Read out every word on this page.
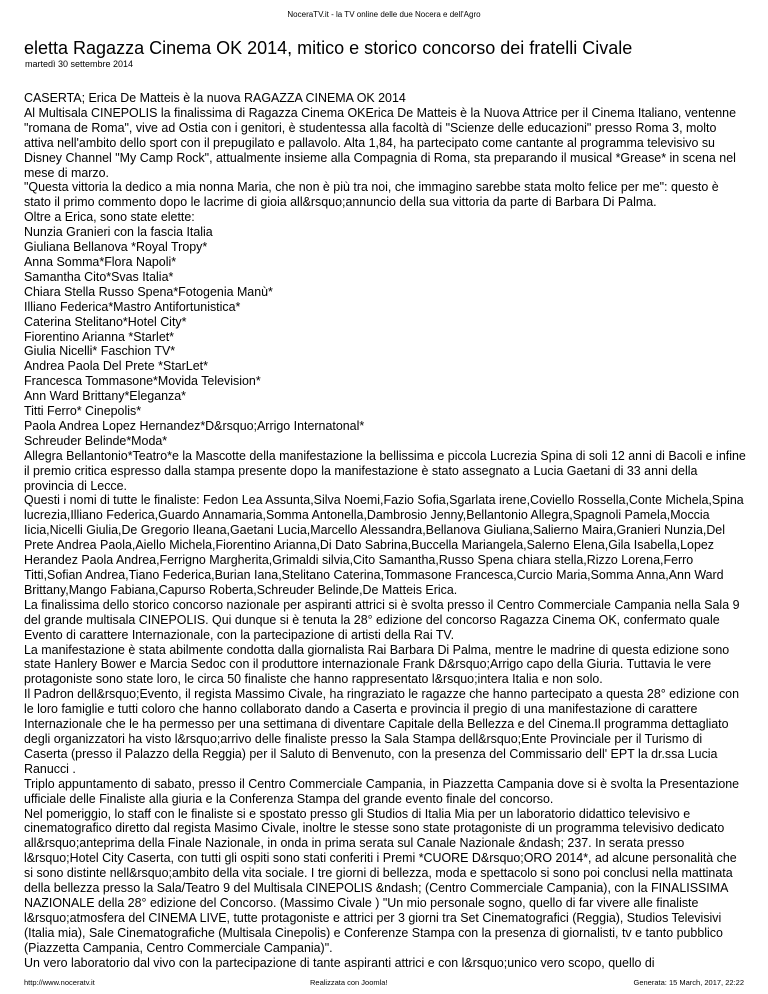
NoceraTV.it - la TV online delle due Nocera e dell'Agro
eletta Ragazza Cinema OK 2014, mitico e storico concorso dei fratelli Civale
martedì 30 settembre 2014

CASERTA; Erica De Matteis è la nuova RAGAZZA CINEMA OK 2014

Al Multisala CINEPOLIS la finalissima di Ragazza Cinema OKErica De Matteis è la Nuova Attrice per il Cinema Italiano, ventenne "romana de Roma", vive ad Ostia con i genitori, è studentessa alla facoltà di "Scienze delle educazioni" presso Roma 3, molto attiva nell'ambito dello sport con il prepugilato e pallavolo. Alta 1,84, ha partecipato come cantante al programma televisivo su Disney Channel "My Camp Rock", attualmente insieme alla Compagnia di Roma, sta preparando il musical *Grease* in scena nel mese di marzo.

"Questa vittoria la dedico a mia nonna Maria, che non è più tra noi, che immagino sarebbe stata molto felice per me": questo è stato il primo commento dopo le lacrime di gioia all&rsquo;annuncio della sua vittoria da parte di Barbara Di Palma.

Oltre a Erica, sono state elette:

Nunzia Granieri con la fascia Italia

Giuliana Bellanova *Royal Tropy*

Anna Somma*Flora Napoli*

Samantha Cito*Svas Italia*

Chiara Stella Russo Spena*Fotogenia Manù*

Illiano Federica*Mastro Antifortunistica*

Caterina Stelitano*Hotel City*

Fiorentino Arianna *Starlet*

Giulia Nicelli* Faschion TV*

Andrea Paola Del Prete *StarLet*

Francesca Tommasone*Movida Television*

Ann Ward Brittany*Eleganza*

Titti Ferro* Cinepolis*

Paola Andrea Lopez Hernandez*D&rsquo;Arrigo Internatonal*

Schreuder Belinde*Moda*

Allegra Bellantonio*Teatro*e la Mascotte della manifestazione la bellissima e piccola Lucrezia Spina di soli 12 anni di Bacoli e infine il premio critica espresso dalla stampa presente dopo la manifestazione è stato assegnato a Lucia Gaetani di 33 anni della provincia di Lecce.

Questi i nomi di tutte le finaliste: Fedon Lea Assunta,Silva Noemi,Fazio Sofia,Sgarlata irene,Coviello Rossella,Conte Michela,Spina lucrezia,Illiano Federica,Guardo Annamaria,Somma Antonella,Dambrosio Jenny,Bellantonio Allegra,Spagnoli Pamela,Moccia Iicia,Nicelli Giulia,De Gregorio Ileana,Gaetani Lucia,Marcello Alessandra,Bellanova Giuliana,Salierno Maira,Granieri Nunzia,Del Prete Andrea Paola,Aiello Michela,Fiorentino Arianna,Di Dato Sabrina,Buccella Mariangela,Salerno Elena,Gila Isabella,Lopez Herandez Paola Andrea,Ferrigno Margherita,Grimaldi silvia,Cito Samantha,Russo Spena chiara stella,Rizzo Lorena,Ferro Titti,Sofian Andrea,Tiano Federica,Burian Iana,Stelitano Caterina,Tommasone Francesca,Curcio Maria,Somma Anna,Ann Ward Brittany,Mango Fabiana,Capurso Roberta,Schreuder Belinde,De Matteis Erica.

La finalissima dello storico concorso nazionale per aspiranti attrici si è svolta presso il Centro Commerciale Campania nella Sala 9 del grande multisala CINEPOLIS. Qui dunque si è tenuta la 28° edizione del concorso Ragazza Cinema OK, confermato quale Evento di carattere Internazionale, con la partecipazione di artisti della Rai TV.

La manifestazione è stata abilmente condotta dalla giornalista Rai Barbara Di Palma, mentre le madrine di questa edizione sono state Hanlery Bower e Marcia Sedoc con il produttore internazionale Frank D&rsquo;Arrigo capo della Giuria. Tuttavia le vere protagoniste sono state loro, le circa 50 finaliste che hanno rappresentato l&rsquo;intera Italia e non solo.

Il Padron dell&rsquo;Evento, il regista Massimo Civale, ha ringraziato le ragazze che hanno partecipato a questa 28° edizione con le loro famiglie e tutti coloro che hanno collaborato dando a Caserta e provincia il pregio di una manifestazione di carattere Internazionale che le ha permesso per una settimana di diventare Capitale della Bellezza e del Cinema.Il programma dettagliato degli organizzatori ha visto l&rsquo;arrivo delle finaliste presso la Sala Stampa dell&rsquo;Ente Provinciale per il Turismo di Caserta (presso il Palazzo della Reggia) per il Saluto di Benvenuto, con la presenza del Commissario dell' EPT la dr.ssa Lucia Ranucci .

Triplo appuntamento di sabato, presso il Centro Commerciale Campania, in Piazzetta Campania dove si è svolta la Presentazione ufficiale delle Finaliste alla giuria e la Conferenza Stampa del grande evento finale del concorso.

Nel pomeriggio, lo staff con le finaliste si e spostato presso gli Studios di Italia Mia per un laboratorio didattico televisivo e cinematografico diretto dal regista Masimo Civale, inoltre le stesse sono state protagoniste di un programma televisivo dedicato all&rsquo;anteprima della Finale Nazionale, in onda in prima serata sul Canale Nazionale &ndash; 237. In serata presso l&rsquo;Hotel City Caserta, con tutti gli ospiti sono stati conferiti i Premi *CUORE D&rsquo;ORO 2014*, ad alcune personalità che si sono distinte nell&rsquo;ambito della vita sociale. I tre giorni di bellezza, moda e spettacolo si sono poi conclusi nella mattinata della bellezza presso la Sala/Teatro 9 del Multisala CINEPOLIS &ndash; (Centro Commerciale Campania), con la FINALISSIMA NAZIONALE della 28° edizione del Concorso. (Massimo Civale ) "Un mio personale sogno, quello di far vivere alle finaliste l&rsquo;atmosfera del CINEMA LIVE, tutte protagoniste e attrici per 3 giorni tra Set Cinematografici (Reggia), Studios Televisivi (Italia mia), Sale Cinematografiche (Multisala Cinepolis) e Conferenze Stampa con la presenza di giornalisti, tv e tanto pubblico (Piazzetta Campania, Centro Commerciale Campania)".

Un vero laboratorio dal vivo con la partecipazione di tante aspiranti attrici e con l&rsquo;unico vero scopo, quello di

http://www.noceratv.it	Realizzata con Joomla!	Generata: 15 March, 2017, 22:22
